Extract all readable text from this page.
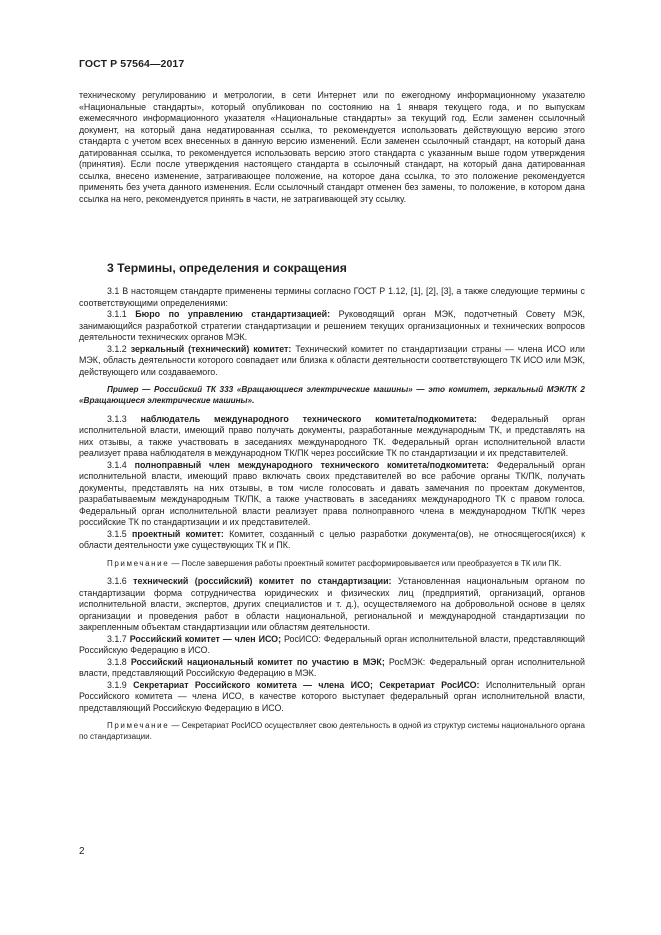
ГОСТ Р 57564—2017

техническому регулированию и метрологии, в сети Интернет или по ежегодному информационному указателю «Национальные стандарты», который опубликован по состоянию на 1 января текущего года, и по выпускам ежемесячного информационного указателя «Национальные стандарты» за текущий год. Если заменен ссылочный документ, на который дана недатированная ссылка, то рекомендуется использовать действующую версию этого стандарта с учетом всех внесенных в данную версию изменений. Если заменен ссылочный стандарт, на который дана датированная ссылка, то рекомендуется использовать версию этого стандарта с указанным выше годом утверждения (принятия). Если после утверждения настоящего стандарта в ссылочный стандарт, на который дана датированная ссылка, внесено изменение, затрагивающее положение, на которое дана ссылка, то это положение рекомендуется применять без учета данного изменения. Если ссылочный стандарт отменен без замены, то положение, в котором дана ссылка на него, рекомендуется принять в части, не затрагивающей эту ссылку.

3 Термины, определения и сокращения

3.1 В настоящем стандарте применены термины согласно ГОСТ Р 1.12, [1], [2], [3], а также следующие термины с соответствующими определениями:

3.1.1 Бюро по управлению стандартизацией: Руководящий орган МЭК, подотчетный Совету МЭК, занимающийся разработкой стратегии стандартизации и решением текущих организационных и технических вопросов деятельности технических органов МЭК.

3.1.2 зеркальный (технический) комитет: Технический комитет по стандартизации страны — члена ИСО или МЭК, область деятельности которого совпадает или близка к области деятельности соответствующего ТК ИСО или МЭК, действующего или создаваемого.

Пример — Российский ТК 333 «Вращающиеся электрические машины» — это комитет, зеркальный МЭК/ТК 2 «Вращающиеся электрические машины».

3.1.3 наблюдатель международного технического комитета/подкомитета: Федеральный орган исполнительной власти, имеющий право получать документы, разработанные международным ТК, и представлять на них отзывы, а также участвовать в заседаниях международного ТК. Федеральный орган исполнительной власти реализует права наблюдателя в международном ТК/ПК через российские ТК по стандартизации и их представителей.

3.1.4 полноправный член международного технического комитета/подкомитета: Федеральный орган исполнительной власти, имеющий право включать своих представителей во все рабочие органы ТК/ПК, получать документы, представлять на них отзывы, в том числе голосовать и давать замечания по проектам документов, разрабатываемым международным ТК/ПК, а также участвовать в заседаниях международного ТК с правом голоса. Федеральный орган исполнительной власти реализует права полноправного члена в международном ТК/ПК через российские ТК по стандартизации и их представителей.

3.1.5 проектный комитет: Комитет, созданный с целью разработки документа(ов), не относящегося(ихся) к области деятельности уже существующих ТК и ПК.

Примечание — После завершения работы проектный комитет расформировывается или преобразуется в ТК или ПК.

3.1.6 технический (российский) комитет по стандартизации: Установленная национальным органом по стандартизации форма сотрудничества юридических и физических лиц (предприятий, организаций, органов исполнительной власти, экспертов, других специалистов и т. д.), осуществляемого на добровольной основе в целях организации и проведения работ в области национальной, региональной и международной стандартизации по закрепленным объектам стандартизации или областям деятельности.

3.1.7 Российский комитет — член ИСО; РосИСО: Федеральный орган исполнительной власти, представляющий Российскую Федерацию в ИСО.

3.1.8 Российский национальный комитет по участию в МЭК; РосМЭК: Федеральный орган исполнительной власти, представляющий Российскую Федерацию в МЭК.

3.1.9 Секретариат Российского комитета — члена ИСО; Секретариат РосИСО: Исполнительный орган Российского комитета — члена ИСО, в качестве которого выступает федеральный орган исполнительной власти, представляющий Российскую Федерацию в ИСО.

Примечание — Секретариат РосИСО осуществляет свою деятельность в одной из структур системы национального органа по стандартизации.

2
